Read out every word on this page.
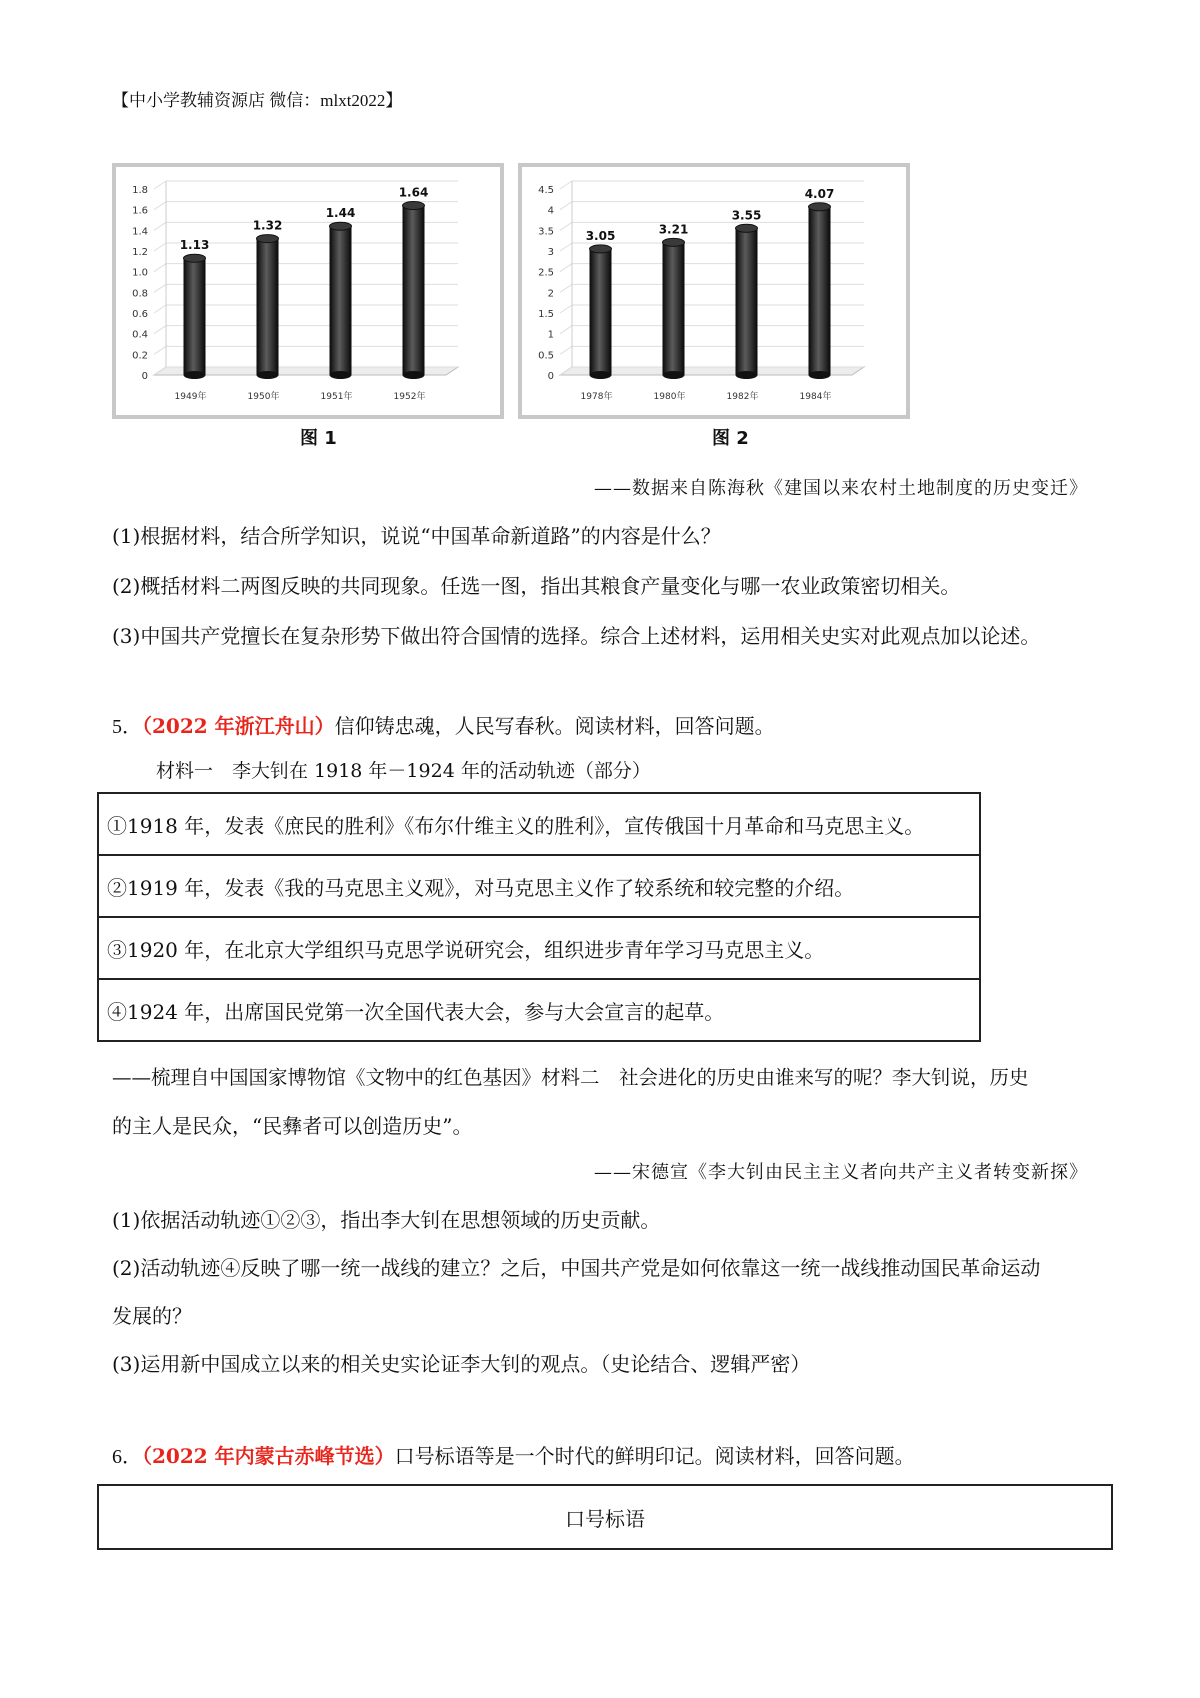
【中小学教辅资源店 微信：mlxt2022】
0
0.2
0.4
0.6
0.8
1.0
1.2
1.4
1.6
1.8
1.13
1949年
1.32
1950年
1.44
1951年
1.64
1952年
图 1
0
0.5
1
1.5
2
2.5
3
3.5
4
4.5
3.05
1978年
3.21
1980年
3.55
1982年
4.07
1984年
图 2
——数据来自陈海秋《建国以来农村土地制度的历史变迁》
(1)根据材料，结合所学知识，说说“中国革命新道路”的内容是什么？
(2)概括材料二两图反映的共同现象。任选一图，指出其粮食产量变化与哪一农业政策密切相关。
(3)中国共产党擅长在复杂形势下做出符合国情的选择。综合上述材料，运用相关史实对此观点加以论述。
5．（2022 年浙江舟山）信仰铸忠魂，人民写春秋。阅读材料，回答问题。
材料一　李大钊在 1918 年－1924 年的活动轨迹（部分）
①1918 年，发表《庶民的胜利》《布尔什维主义的胜利》，宣传俄国十月革命和马克思主义。
②1919 年，发表《我的马克思主义观》，对马克思主义作了较系统和较完整的介绍。
③1920 年，在北京大学组织马克思学说研究会，组织进步青年学习马克思主义。
④1924 年，出席国民党第一次全国代表大会，参与大会宣言的起草。
——梳理自中国国家博物馆《文物中的红色基因》材料二　社会进化的历史由谁来写的呢？李大钊说，历史
的主人是民众，“民彝者可以创造历史”。
——宋德宣《李大钊由民主主义者向共产主义者转变新探》
(1)依据活动轨迹①②③，指出李大钊在思想领域的历史贡献。
(2)活动轨迹④反映了哪一统一战线的建立？之后，中国共产党是如何依靠这一统一战线推动国民革命运动
发展的？
(3)运用新中国成立以来的相关史实论证李大钊的观点。（史论结合、逻辑严密）
6．（2022 年内蒙古赤峰节选）口号标语等是一个时代的鲜明印记。阅读材料，回答问题。
口号标语
